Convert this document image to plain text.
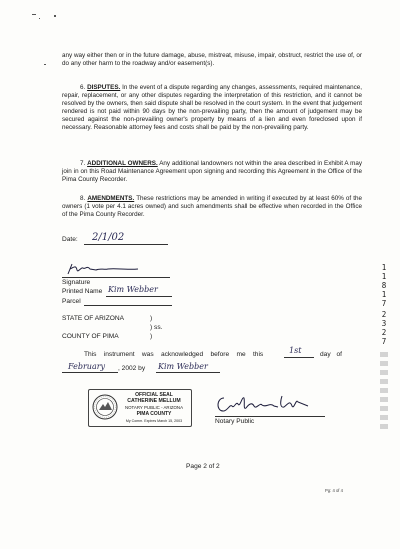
any way either then or in the future damage, abuse, mistreat, misuse, impair, obstruct, restrict the use of, or do any other harm to the roadway and/or easement(s).
6. DISPUTES. In the event of a dispute regarding any changes, assessments, required maintenance, repair, replacement, or any other disputes regarding the interpretation of this restriction, and it cannot be resolved by the owners, then said dispute shall be resolved in the court system. In the event that judgement rendered is not paid within 90 days by the non-prevailing party, then the amount of judgement may be secured against the non-prevailing owner's property by means of a lien and even foreclosed upon if necessary. Reasonable attorney fees and costs shall be paid by the non-prevailing party.
7. ADDITIONAL OWNERS. Any additional landowners not within the area described in Exhibit A may join in on this Road Maintenance Agreement upon signing and recording this Agreement in the Office of the Pima County Recorder.
8. AMENDMENTS. These restrictions may be amended in writing if executed by at least 60% of the owners (1 vote per 4.1 acres owned) and such amendments shall be effective when recorded in the Office of the Pima County Recorder.
Date: 2/1/02
Signature
Printed Name Kim Webber
Parcel
STATE OF ARIZONA
) ss.
)
COUNTY OF PIMA	)
This instrument was acknowledged before me this	1st	day of
February , 2002 by Kim Webber
OFFICIAL SEAL
CATHERINE MELLUM
NOTARY PUBLIC - ARIZONA
PIMA COUNTY
My Comm. Expires March 15, 2003	Notary Public
Page 2 of 2
Pg: 4 of 4
1
1
8
1
7
2
3
2
7
